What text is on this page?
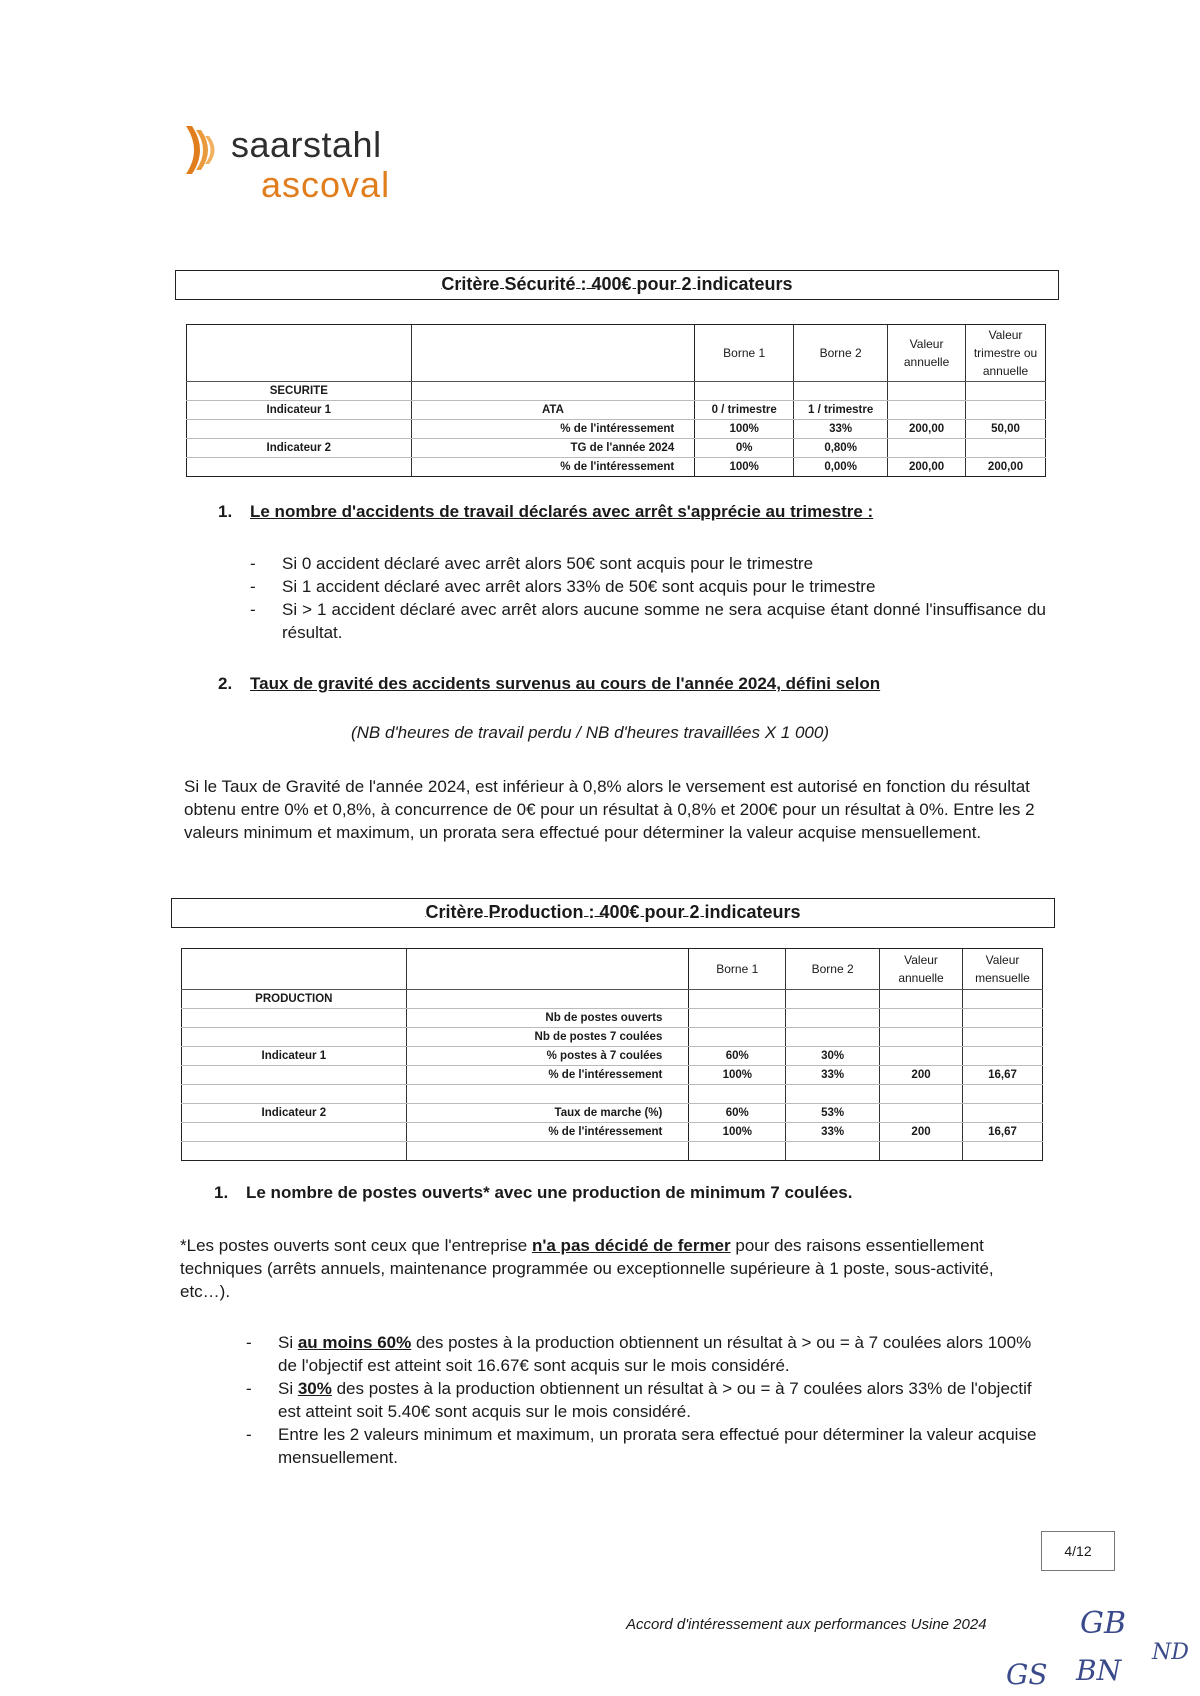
saarstahl
ascoval
Critère Sécurité : 400€ pour 2 indicateurs
		Borne 1	Borne 2	Valeur annuelle	Valeur trimestre ou annuelle
SECURITE					
Indicateur 1	ATA	0 / trimestre	1 / trimestre		
	% de l'intéressement	100%	33%	200,00	50,00
Indicateur 2	TG de l'année 2024	0%	0,80%		
	% de l'intéressement	100%	0,00%	200,00	200,00
1. Le nombre d'accidents de travail déclarés avec arrêt s'apprécie au trimestre :
- Si 0 accident déclaré avec arrêt alors 50€ sont acquis pour le trimestre
- Si 1 accident déclaré avec arrêt alors 33% de 50€ sont acquis pour le trimestre
- Si > 1 accident déclaré avec arrêt alors aucune somme ne sera acquise étant donné l'insuffisance du résultat.
2. Taux de gravité des accidents survenus au cours de l'année 2024, défini selon
(NB d'heures de travail perdu / NB d'heures travaillées X 1 000)
Si le Taux de Gravité de l'année 2024, est inférieur à 0,8% alors le versement est autorisé en fonction du résultat obtenu entre 0% et 0,8%, à concurrence de 0€ pour un résultat à 0,8% et 200€ pour un résultat à 0%. Entre les 2 valeurs minimum et maximum, un prorata sera effectué pour déterminer la valeur acquise mensuellement.
Critère Production : 400€ pour 2 indicateurs
		Borne 1	Borne 2	Valeur annuelle	Valeur mensuelle
PRODUCTION					
	Nb de postes ouverts				
	Nb de postes 7 coulées				
Indicateur 1	% postes à 7 coulées	60%	30%		
	% de l'intéressement	100%	33%	200	16,67

Indicateur 2	Taux de marche (%)	60%	53%		
	% de l'intéressement	100%	33%	200	16,67

1. Le nombre de postes ouverts* avec une production de minimum 7 coulées.
*Les postes ouverts sont ceux que l'entreprise n'a pas décidé de fermer pour des raisons essentiellement techniques (arrêts annuels, maintenance programmée ou exceptionnelle supérieure à 1 poste, sous-activité, etc…).
- Si au moins 60% des postes à la production obtiennent un résultat à > ou = à 7 coulées alors 100% de l'objectif est atteint soit 16.67€ sont acquis sur le mois considéré.
- Si 30% des postes à la production obtiennent un résultat à > ou = à 7 coulées alors 33% de l'objectif est atteint soit 5.40€ sont acquis sur le mois considéré.
- Entre les 2 valeurs minimum et maximum, un prorata sera effectué pour déterminer la valeur acquise mensuellement.
4/12
Accord d'intéressement aux performances Usine 2024	GB
GS BN
ND
